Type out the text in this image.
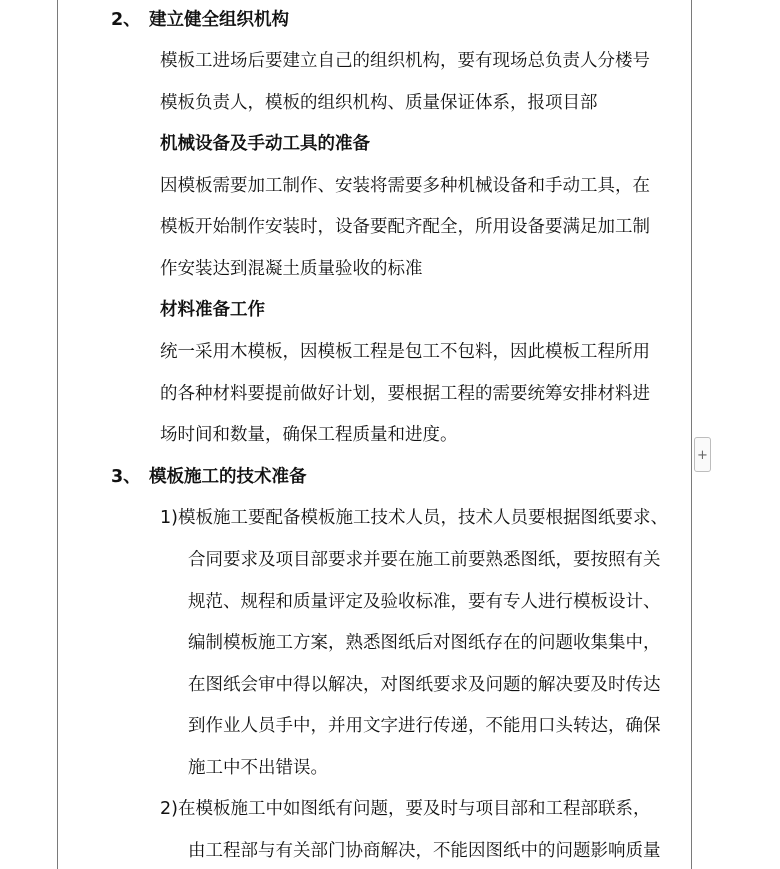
2、 建立健全组织机构
模板工进场后要建立自己的组织机构，要有现场总负责人分楼号
模板负责人，模板的组织机构、质量保证体系，报项目部
机械设备及手动工具的准备
因模板需要加工制作、安装将需要多种机械设备和手动工具，在
模板开始制作安装时，设备要配齐配全，所用设备要满足加工制
作安装达到混凝土质量验收的标准
材料准备工作
统一采用木模板，因模板工程是包工不包料，因此模板工程所用
的各种材料要提前做好计划，要根据工程的需要统筹安排材料进
场时间和数量，确保工程质量和进度。
3、 模板施工的技术准备
1)模板施工要配备模板施工技术人员，技术人员要根据图纸要求、
合同要求及项目部要求并要在施工前要熟悉图纸，要按照有关
规范、规程和质量评定及验收标准，要有专人进行模板设计、
编制模板施工方案，熟悉图纸后对图纸存在的问题收集集中，
在图纸会审中得以解决，对图纸要求及问题的解决要及时传达
到作业人员手中，并用文字进行传递，不能用口头转达，确保
施工中不出错误。
2)在模板施工中如图纸有问题，要及时与项目部和工程部联系，
由工程部与有关部门协商解决，不能因图纸中的问题影响质量
+
